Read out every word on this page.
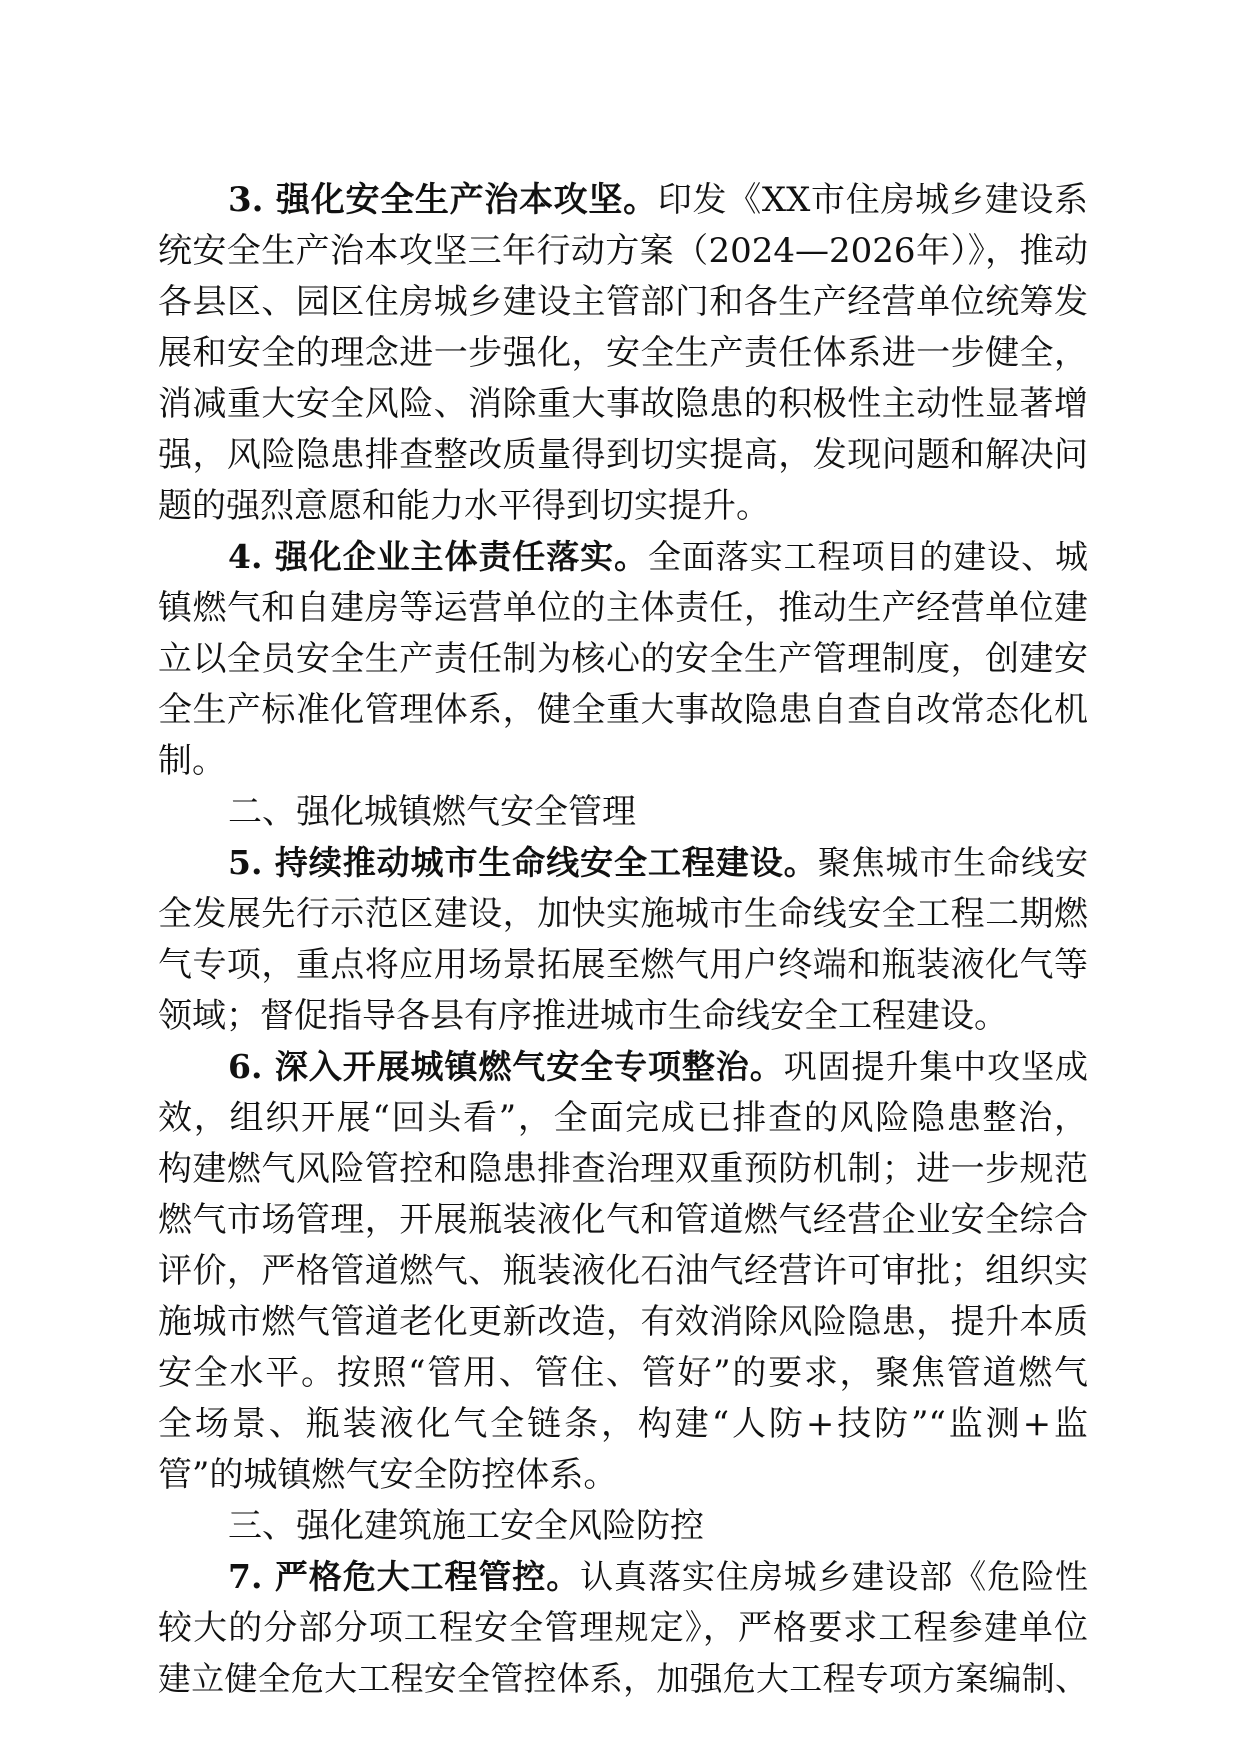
3. 强化安全生产治本攻坚。印发《XX市住房城乡建设系
统安全生产治本攻坚三年行动方案（2024—2026年）》，推动
各县区、园区住房城乡建设主管部门和各生产经营单位统筹发
展和安全的理念进一步强化，安全生产责任体系进一步健全，
消减重大安全风险、消除重大事故隐患的积极性主动性显著增
强，风险隐患排查整改质量得到切实提高，发现问题和解决问
题的强烈意愿和能力水平得到切实提升。
4. 强化企业主体责任落实。全面落实工程项目的建设、城
镇燃气和自建房等运营单位的主体责任，推动生产经营单位建
立以全员安全生产责任制为核心的安全生产管理制度，创建安
全生产标准化管理体系，健全重大事故隐患自查自改常态化机
制。
二、强化城镇燃气安全管理
5. 持续推动城市生命线安全工程建设。聚焦城市生命线安
全发展先行示范区建设，加快实施城市生命线安全工程二期燃
气专项，重点将应用场景拓展至燃气用户终端和瓶装液化气等
领域；督促指导各县有序推进城市生命线安全工程建设。
6. 深入开展城镇燃气安全专项整治。巩固提升集中攻坚成
效，组织开展“回头看”，全面完成已排查的风险隐患整治，
构建燃气风险管控和隐患排查治理双重预防机制；进一步规范
燃气市场管理，开展瓶装液化气和管道燃气经营企业安全综合
评价，严格管道燃气、瓶装液化石油气经营许可审批；组织实
施城市燃气管道老化更新改造，有效消除风险隐患，提升本质
安全水平。按照“管用、管住、管好”的要求，聚焦管道燃气
全场景、瓶装液化气全链条，构建“人防+技防”“监测+监
管”的城镇燃气安全防控体系。
三、强化建筑施工安全风险防控
7. 严格危大工程管控。认真落实住房城乡建设部《危险性
较大的分部分项工程安全管理规定》，严格要求工程参建单位
建立健全危大工程安全管控体系，加强危大工程专项方案编制、
